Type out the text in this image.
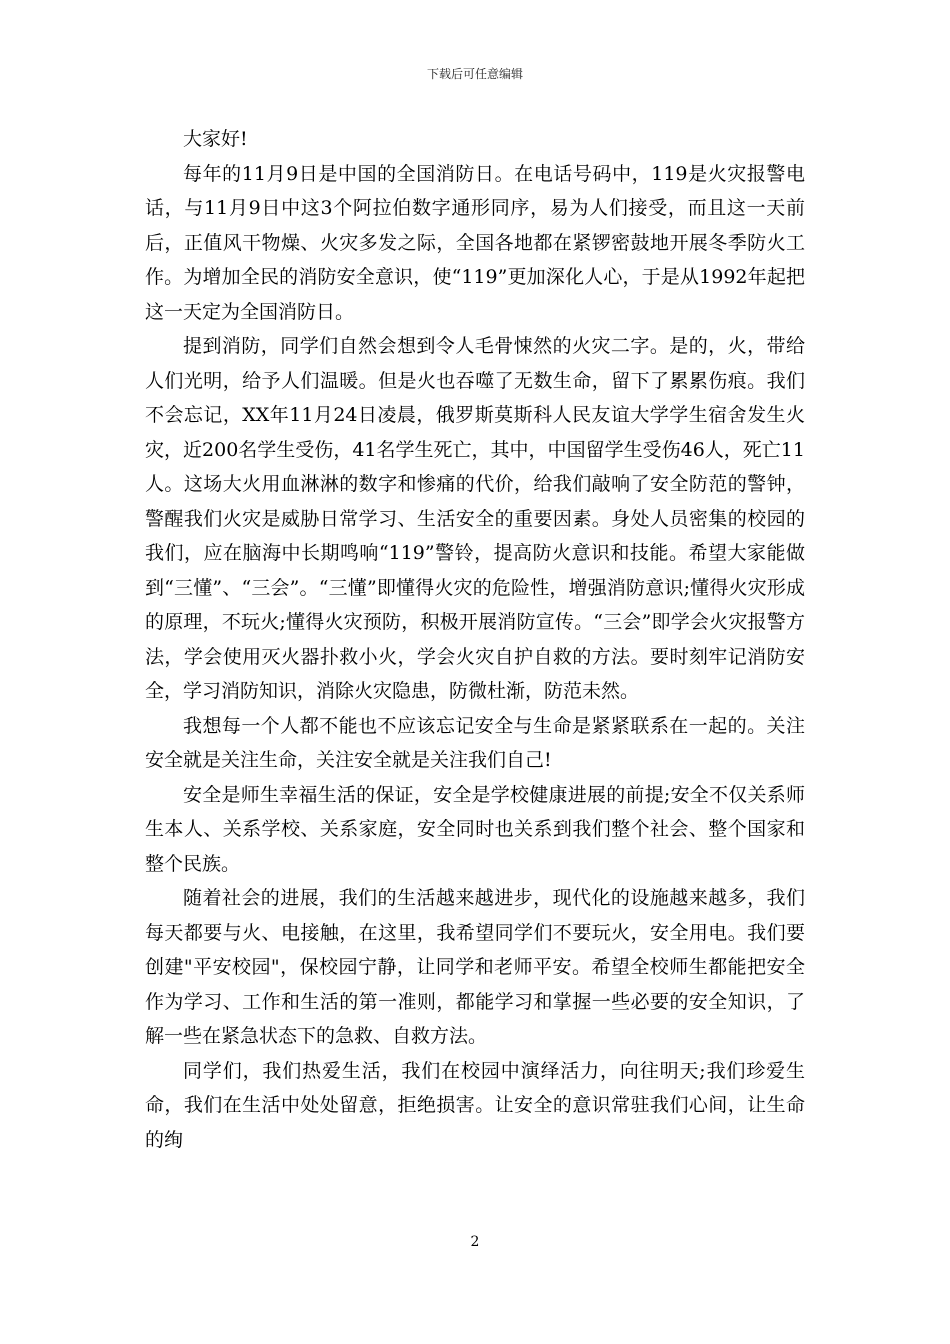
下载后可任意编辑

大家好!

每年的11月9日是中国的全国消防日。在电话号码中，119是火灾报警电话，与11月9日中这3个阿拉伯数字通形同序，易为人们接受，而且这一天前后，正值风干物燥、火灾多发之际，全国各地都在紧锣密鼓地开展冬季防火工作。为增加全民的消防安全意识，使“119”更加深化人心，于是从1992年起把这一天定为全国消防日。

提到消防，同学们自然会想到令人毛骨悚然的火灾二字。是的，火，带给人们光明，给予人们温暖。但是火也吞噬了无数生命，留下了累累伤痕。我们不会忘记，XX年11月24日凌晨，俄罗斯莫斯科人民友谊大学学生宿舍发生火灾，近200名学生受伤，41名学生死亡，其中，中国留学生受伤46人，死亡11人。这场大火用血淋淋的数字和惨痛的代价，给我们敲响了安全防范的警钟，警醒我们火灾是威胁日常学习、生活安全的重要因素。身处人员密集的校园的我们，应在脑海中长期鸣响“119”警铃，提高防火意识和技能。希望大家能做到“三懂”、“三会”。“三懂”即懂得火灾的危险性，增强消防意识;懂得火灾形成的原理，不玩火;懂得火灾预防，积极开展消防宣传。“三会”即学会火灾报警方法，学会使用灭火器扑救小火，学会火灾自护自救的方法。要时刻牢记消防安全，学习消防知识，消除火灾隐患，防微杜渐，防范未然。

我想每一个人都不能也不应该忘记安全与生命是紧紧联系在一起的。关注安全就是关注生命，关注安全就是关注我们自己!

安全是师生幸福生活的保证，安全是学校健康进展的前提;安全不仅关系师生本人、关系学校、关系家庭，安全同时也关系到我们整个社会、整个国家和整个民族。

随着社会的进展，我们的生活越来越进步，现代化的设施越来越多，我们每天都要与火、电接触，在这里，我希望同学们不要玩火，安全用电。我们要创建"平安校园"，保校园宁静，让同学和老师平安。希望全校师生都能把安全作为学习、工作和生活的第一准则，都能学习和掌握一些必要的安全知识，了解一些在紧急状态下的急救、自救方法。

同学们，我们热爱生活，我们在校园中演绎活力，向往明天;我们珍爱生命，我们在生活中处处留意，拒绝损害。让安全的意识常驻我们心间，让生命的绚

2
